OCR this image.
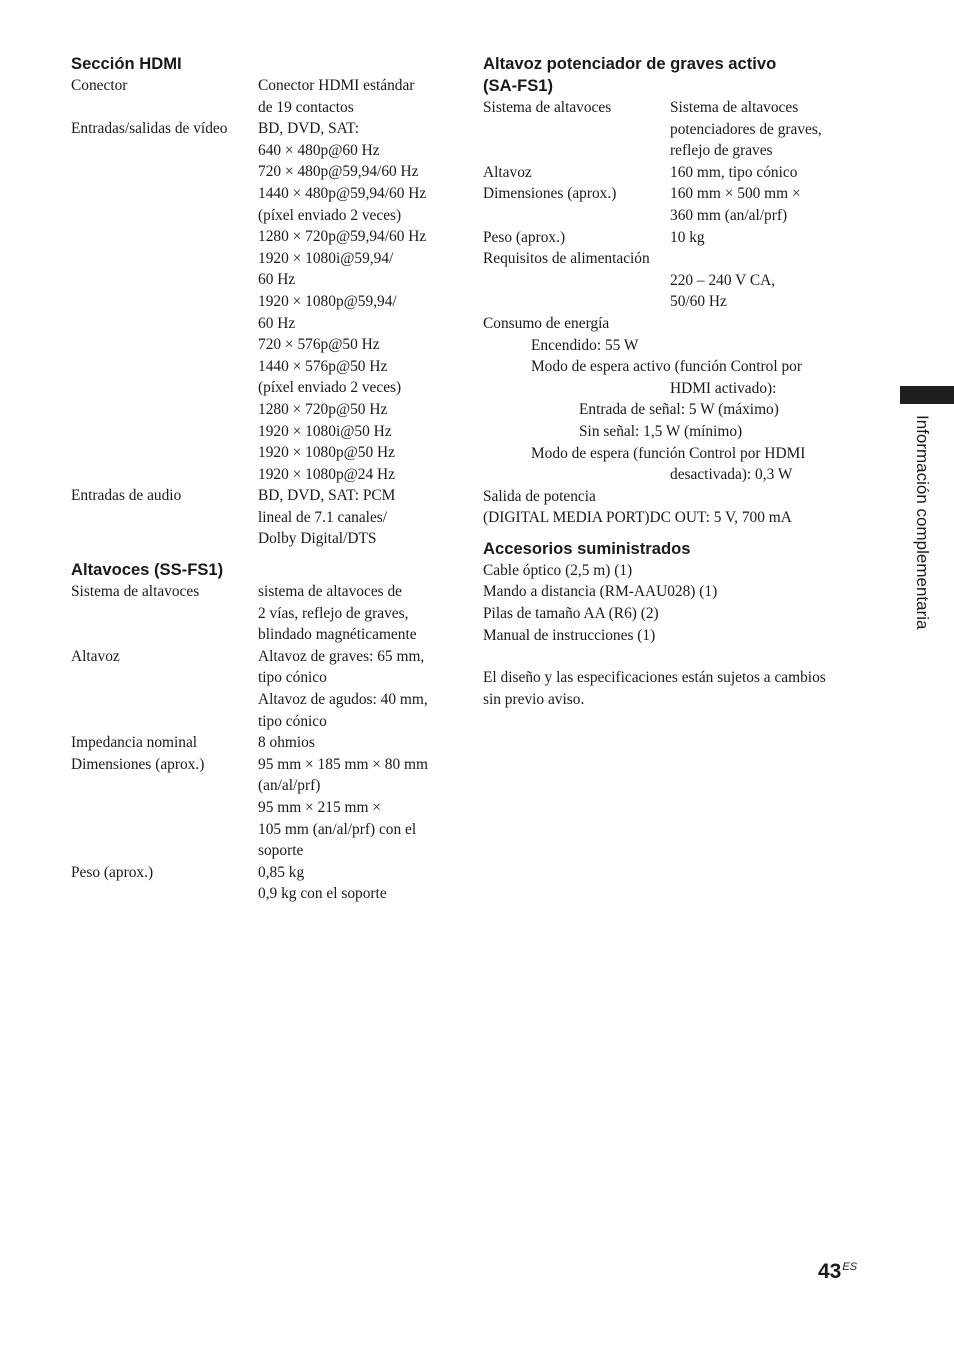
Sección HDMI
Conector	Conector HDMI estándar
de 19 contactos
Entradas/salidas de vídeo	BD, DVD, SAT:
640 × 480p@60 Hz
720 × 480p@59,94/60 Hz
1440 × 480p@59,94/60 Hz
(píxel enviado 2 veces)
1280 × 720p@59,94/60 Hz
1920 × 1080i@59,94/
60 Hz
1920 × 1080p@59,94/
60 Hz
720 × 576p@50 Hz
1440 × 576p@50 Hz
(píxel enviado 2 veces)
1280 × 720p@50 Hz
1920 × 1080i@50 Hz
1920 × 1080p@50 Hz
1920 × 1080p@24 Hz
Entradas de audio	BD, DVD, SAT: PCM
lineal de 7.1 canales/
Dolby Digital/DTS
Altavoces (SS-FS1)
Sistema de altavoces	sistema de altavoces de
2 vías, reflejo de graves,
blindado magnéticamente
Altavoz	Altavoz de graves: 65 mm,
tipo cónico
Altavoz de agudos: 40 mm,
tipo cónico
Impedancia nominal	8 ohmios
Dimensiones (aprox.)	95 mm × 185 mm × 80 mm
(an/al/prf)
95 mm × 215 mm ×
105 mm (an/al/prf) con el
soporte
Peso (aprox.)	0,85 kg
0,9 kg con el soporte
Altavoz potenciador de graves activo
(SA-FS1)
Sistema de altavoces	Sistema de altavoces
potenciadores de graves,
reflejo de graves
Altavoz	160 mm, tipo cónico
Dimensiones (aprox.)	160 mm × 500 mm ×
360 mm (an/al/prf)
Peso (aprox.)	10 kg
Requisitos de alimentación
220 – 240 V CA,
50/60 Hz
Consumo de energía
Encendido: 55 W
Modo de espera activo (función Control por
HDMI activado):
Entrada de señal: 5 W (máximo)
Sin señal: 1,5 W (mínimo)
Modo de espera (función Control por HDMI
desactivada): 0,3 W
Salida de potencia
(DIGITAL MEDIA PORT)DC OUT: 5 V, 700 mA
Accesorios suministrados
Cable óptico (2,5 m) (1)
Mando a distancia (RM-AAU028) (1)
Pilas de tamaño AA (R6) (2)
Manual de instrucciones (1)
El diseño y las especificaciones están sujetos a cambios
sin previo aviso.
Información complementaria
$43^{ES}$
